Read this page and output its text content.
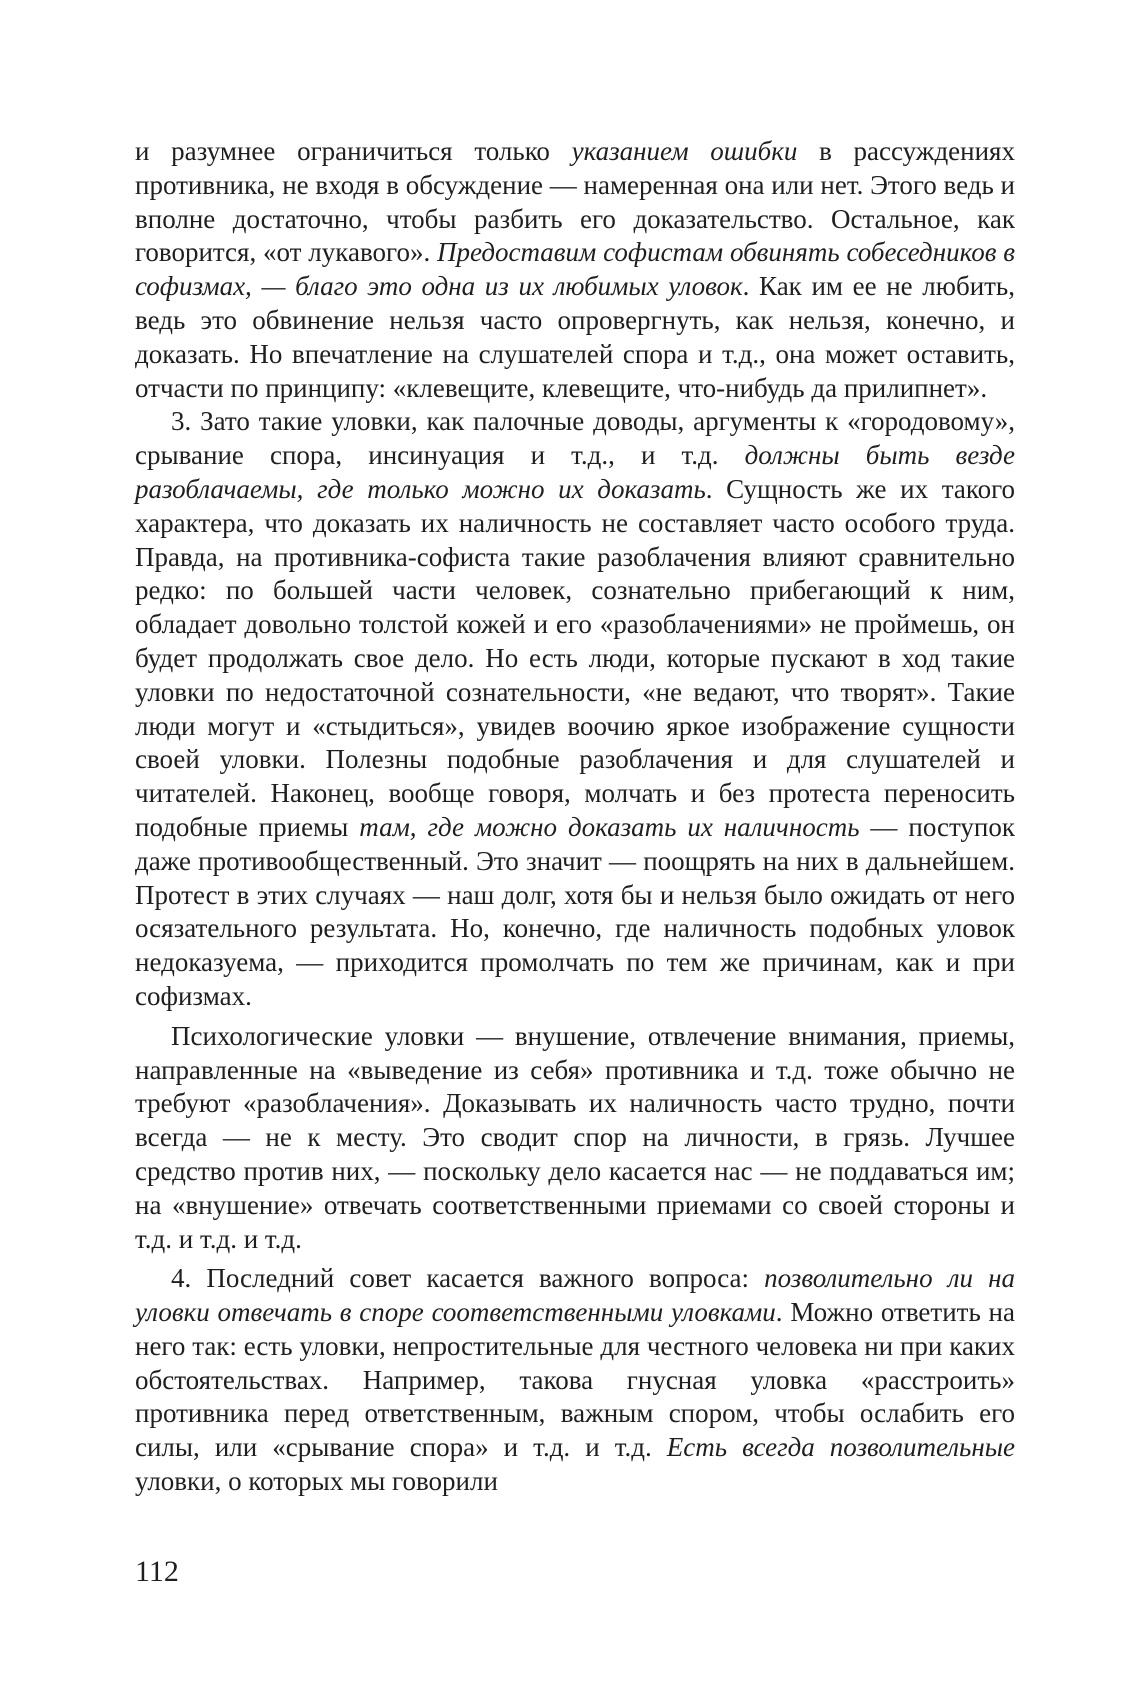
и разумнее ограничиться только указанием ошибки в рассуждениях противника, не входя в обсуждение — намеренная она или нет. Этого ведь и вполне достаточно, чтобы разбить его доказательство. Остальное, как говорится, «от лукавого». Предоставим софистам обвинять собеседников в софизмах, — благо это одна из их любимых уловок. Как им ее не любить, ведь это обвинение нельзя часто опровергнуть, как нельзя, конечно, и доказать. Но впечатление на слушателей спора и т.д., она может оставить, отчасти по принципу: «клевещите, клевещите, что-нибудь да прилипнет».

3. Зато такие уловки, как палочные доводы, аргументы к «городовому», срывание спора, инсинуация и т.д., и т.д. должны быть везде разоблачаемы, где только можно их доказать. Сущность же их такого характера, что доказать их наличность не составляет часто особого труда. Правда, на противника-софиста такие разоблачения влияют сравнительно редко: по большей части человек, сознательно прибегающий к ним, обладает довольно толстой кожей и его «разоблачениями» не проймешь, он будет продолжать свое дело. Но есть люди, которые пускают в ход такие уловки по недостаточной сознательности, «не ведают, что творят». Такие люди могут и «стыдиться», увидев воочию яркое изображение сущности своей уловки. Полезны подобные разоблачения и для слушателей и читателей. Наконец, вообще говоря, молчать и без протеста переносить подобные приемы там, где можно доказать их наличность — поступок даже противообщественный. Это значит — поощрять на них в дальнейшем. Протест в этих случаях — наш долг, хотя бы и нельзя было ожидать от него осязательного результата. Но, конечно, где наличность подобных уловок недоказуема, — приходится промолчать по тем же причинам, как и при софизмах.

Психологические уловки — внушение, отвлечение внимания, приемы, направленные на «выведение из себя» противника и т.д. тоже обычно не требуют «разоблачения». Доказывать их наличность часто трудно, почти всегда — не к месту. Это сводит спор на личности, в грязь. Лучшее средство против них, — поскольку дело касается нас — не поддаваться им; на «внушение» отвечать соответственными приемами со своей стороны и т.д. и т.д. и т.д.

4. Последний совет касается важного вопроса: позволительно ли на уловки отвечать в споре соответственными уловками. Можно ответить на него так: есть уловки, непростительные для честного человека ни при каких обстоятельствах. Например, такова гнусная уловка «расстроить» противника перед ответственным, важным спором, чтобы ослабить его силы, или «срывание спора» и т.д. и т.д. Есть всегда позволительные уловки, о которых мы говорили

112
